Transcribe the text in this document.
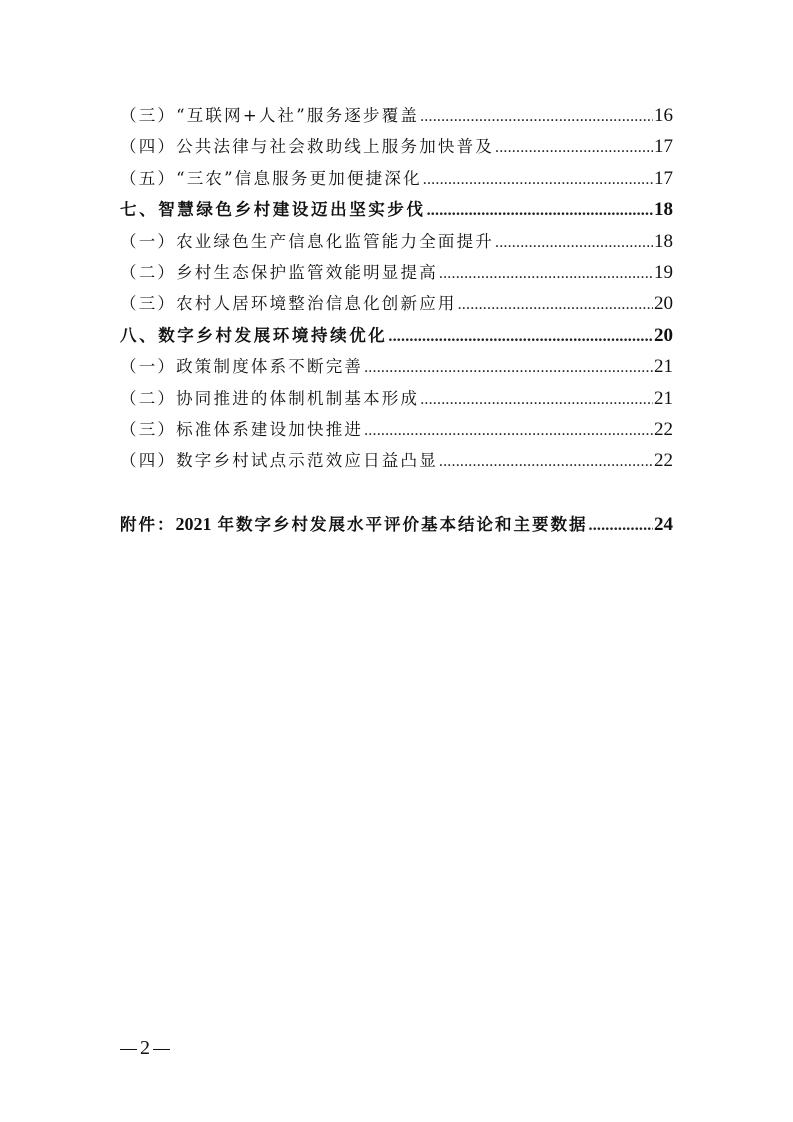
（三）“互联网+人社”服务逐步覆盖 .....	16
（四）公共法律与社会救助线上服务加快普及 .....	17
（五）“三农”信息服务更加便捷深化 .....	17
七、智慧绿色乡村建设迈出坚实步伐 .....	18
（一）农业绿色生产信息化监管能力全面提升 .....	18
（二）乡村生态保护监管效能明显提高 .....	19
（三）农村人居环境整治信息化创新应用 .....	20
八、数字乡村发展环境持续优化 .....	20
（一）政策制度体系不断完善 .....	21
（二）协同推进的体制机制基本形成 .....	21
（三）标准体系建设加快推进 .....	22
（四）数字乡村试点示范效应日益凸显 .....	22
附件：2021 年数字乡村发展水平评价基本结论和主要数据 .....	24
2
